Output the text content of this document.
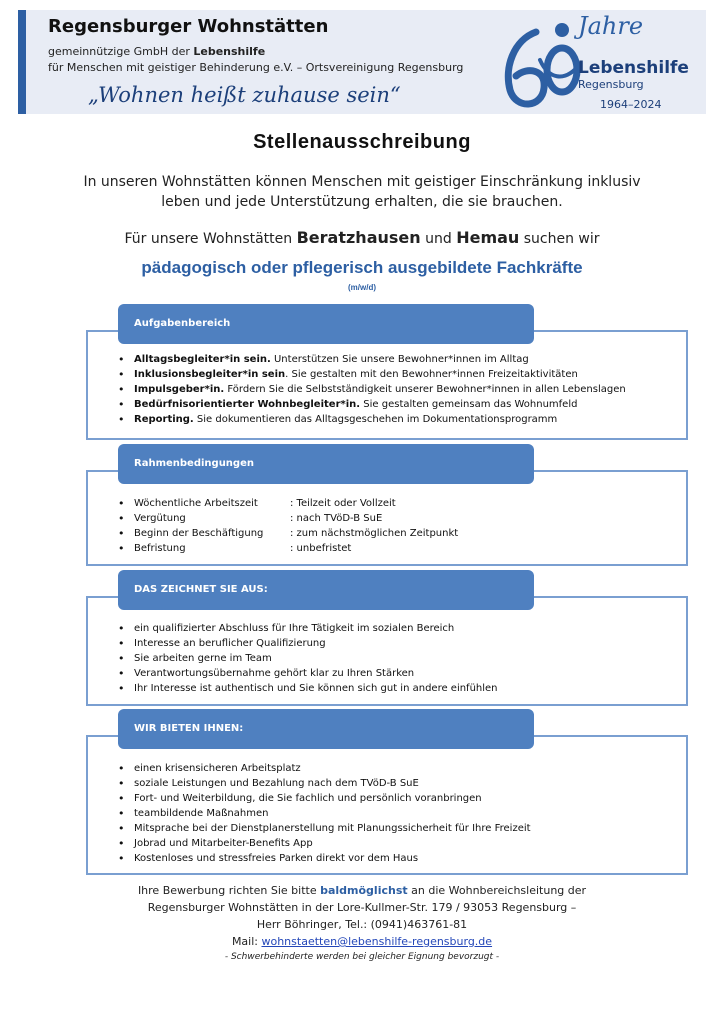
Regensburger Wohnstätten
gemeinnützige GmbH der Lebenshilfe
für Menschen mit geistiger Behinderung e.V. – Ortsvereinigung Regensburg
„Wohnen heißt zuhause sein“
Jahre
Lebenshilfe
Regensburg
1964–2024
Stellenausschreibung
In unseren Wohnstätten können Menschen mit geistiger Einschränkung inklusiv
leben und jede Unterstützung erhalten, die sie brauchen.
Für unsere Wohnstätten Beratzhausen und Hemau suchen wir
pädagogisch oder pflegerisch ausgebildete Fachkräfte
(m/w/d)
Aufgabenbereich
• Alltagsbegleiter*in sein. Unterstützen Sie unsere Bewohner*innen im Alltag
• Inklusionsbegleiter*in sein. Sie gestalten mit den Bewohner*innen Freizeitaktivitäten
• Impulsgeber*in. Fördern Sie die Selbstständigkeit unserer Bewohner*innen in allen Lebenslagen
• Bedürfnisorientierter Wohnbegleiter*in. Sie gestalten gemeinsam das Wohnumfeld
• Reporting. Sie dokumentieren das Alltagsgeschehen im Dokumentationsprogramm
Rahmenbedingungen
• Wöchentliche Arbeitszeit	: Teilzeit oder Vollzeit
• Vergütung	: nach TVöD-B SuE
• Beginn der Beschäftigung	: zum nächstmöglichen Zeitpunkt
• Befristung	: unbefristet
DAS ZEICHNET SIE AUS:
• ein qualifizierter Abschluss für Ihre Tätigkeit im sozialen Bereich
• Interesse an beruflicher Qualifizierung
• Sie arbeiten gerne im Team
• Verantwortungsübernahme gehört klar zu Ihren Stärken
• Ihr Interesse ist authentisch und Sie können sich gut in andere einfühlen
WIR BIETEN IHNEN:
• einen krisensicheren Arbeitsplatz
• soziale Leistungen und Bezahlung nach dem TVöD-B SuE
• Fort- und Weiterbildung, die Sie fachlich und persönlich voranbringen
• teambildende Maßnahmen
• Mitsprache bei der Dienstplanerstellung mit Planungssicherheit für Ihre Freizeit
• Jobrad und Mitarbeiter-Benefits App
• Kostenloses und stressfreies Parken direkt vor dem Haus
Ihre Bewerbung richten Sie bitte baldmöglichst an die Wohnbereichsleitung der
Regensburger Wohnstätten in der Lore-Kullmer-Str. 179 / 93053 Regensburg –
Herr Böhringer, Tel.: (0941)463761-81
Mail: wohnstaetten@lebenshilfe-regensburg.de
- Schwerbehinderte werden bei gleicher Eignung bevorzugt -
